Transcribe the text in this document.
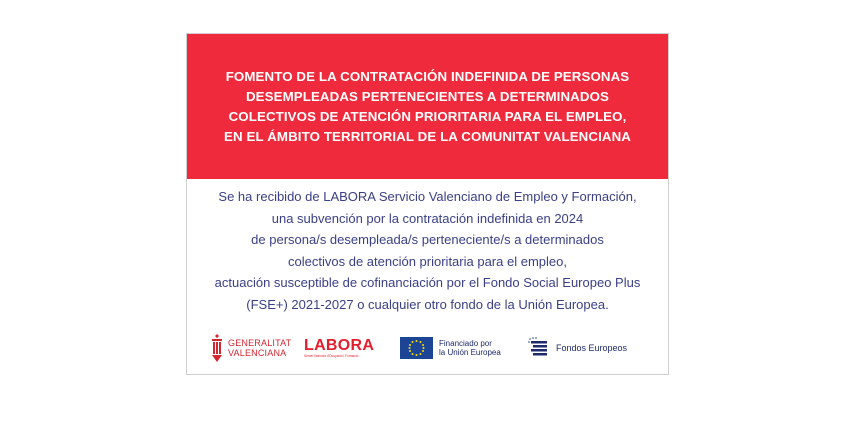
FOMENTO DE LA CONTRATACIÓN INDEFINIDA DE PERSONAS
DESEMPLEADAS PERTENECIENTES A DETERMINADOS
COLECTIVOS DE ATENCIÓN PRIORITARIA PARA EL EMPLEO,
EN EL ÁMBITO TERRITORIAL DE LA COMUNITAT VALENCIANA
Se ha recibido de LABORA Servicio Valenciano de Empleo y Formación,
una subvención por la contratación indefinida en 2024
de persona/s desempleada/s perteneciente/s a determinados
colectivos de atención prioritaria para el empleo,
actuación susceptible de cofinanciación por el Fondo Social Europeo Plus
(FSE+) 2021-2027 o cualquier otro fondo de la Unión Europea.
GENERALITAT
VALENCIANA	LABORA
Servei Valencià d'Ocupació i Formació
Financiado por
la Unión Europea	Fondos Europeos
